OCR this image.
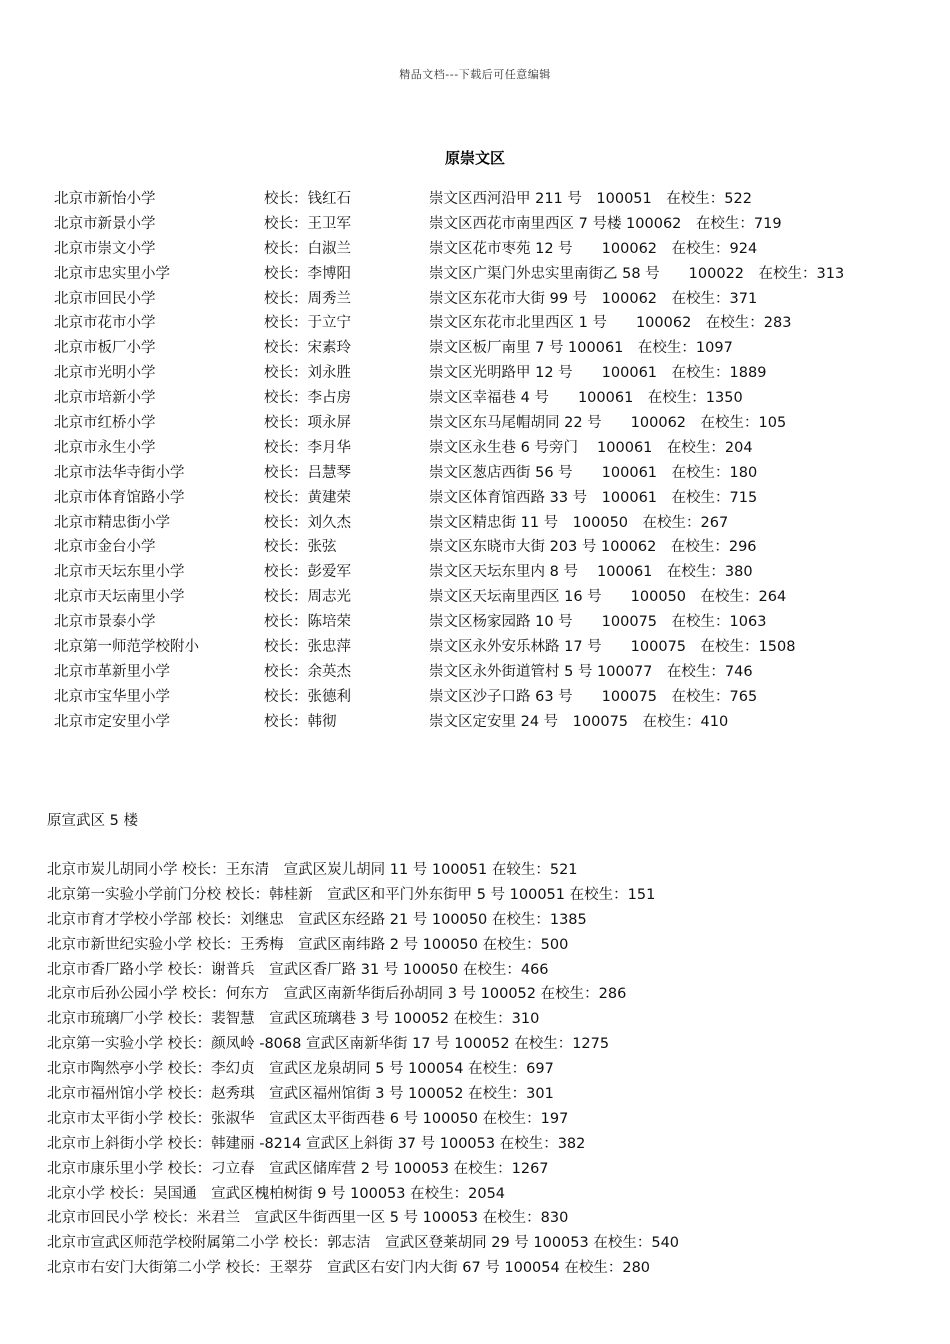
精品文档---下载后可任意编辑
原崇文区
北京市新怡小学	校长：钱红石	崇文区西河沿甲 211 号　100051　在校生：522
北京市新景小学	校长：王卫军	崇文区西花市南里西区 7 号楼 100062　在校生：719
北京市崇文小学	校长：白淑兰	崇文区花市枣苑 12 号　　100062　在校生：924
北京市忠实里小学	校长：李博阳	崇文区广渠门外忠实里南街乙 58 号　　100022　在校生：313
北京市回民小学	校长：周秀兰	崇文区东花市大街 99 号　100062　在校生：371
北京市花市小学	校长：于立宁	崇文区东花市北里西区 1 号　　100062　在校生：283
北京市板厂小学	校长：宋素玲	崇文区板厂南里 7 号 100061　在校生：1097
北京市光明小学	校长：刘永胜	崇文区光明路甲 12 号　　100061　在校生：1889
北京市培新小学	校长：李占房	崇文区幸福巷 4 号　　100061　在校生：1350
北京市红桥小学	校长：项永屏	崇文区东马尾帽胡同 22 号　　100062　在校生：105
北京市永生小学	校长：李月华	崇文区永生巷 6 号旁门　 100061　在校生：204
北京市法华寺街小学	校长：吕慧琴	崇文区葱店西街 56 号　　100061　在校生：180
北京市体育馆路小学	校长：黄建荣	崇文区体育馆西路 33 号　100061　在校生：715
北京市精忠街小学	校长：刘久杰	崇文区精忠街 11 号　100050　在校生：267
北京市金台小学	校长：张弦	崇文区东晓市大街 203 号 100062　在校生：296
北京市天坛东里小学	校长：彭爱军	崇文区天坛东里内 8 号　 100061　在校生：380
北京市天坛南里小学	校长：周志光	崇文区天坛南里西区 16 号　　100050　在校生：264
北京市景泰小学	校长：陈培荣	崇文区杨家园路 10 号　　100075　在校生：1063
北京第一师范学校附小	校长：张忠萍	崇文区永外安乐林路 17 号　　100075　在校生：1508
北京市革新里小学	校长：余英杰	崇文区永外街道管村 5 号 100077　在校生：746
北京市宝华里小学	校长：张德利	崇文区沙子口路 63 号　　100075　在校生：765
北京市定安里小学	校长：韩彻	崇文区定安里 24 号　100075　在校生：410
原宣武区 5 楼
北京市炭儿胡同小学 校长：王东清　宣武区炭儿胡同 11 号 100051 在较生：521
北京第一实验小学前门分校 校长：韩桂新　宣武区和平门外东街甲 5 号 100051 在校生：151
北京市育才学校小学部 校长：刘继忠　宣武区东经路 21 号 100050 在校生：1385
北京市新世纪实验小学 校长：王秀梅　宣武区南纬路 2 号 100050 在校生：500
北京市香厂路小学 校长：谢普兵　宣武区香厂路 31 号 100050 在校生：466
北京市后孙公园小学 校长：何东方　宣武区南新华街后孙胡同 3 号 100052 在校生：286
北京市琉璃厂小学 校长：裴智慧　宣武区琉璃巷 3 号 100052 在校生：310
北京第一实验小学 校长：颜凤岭 -8068 宣武区南新华街 17 号 100052 在校生：1275
北京市陶然亭小学 校长：李幻贞　宣武区龙泉胡同 5 号 100054 在校生：697
北京市福州馆小学 校长：赵秀琪　宣武区福州馆街 3 号 100052 在校生：301
北京市太平街小学 校长：张淑华　宣武区太平街西巷 6 号 100050 在校生：197
北京市上斜街小学 校长：韩建丽 -8214 宣武区上斜街 37 号 100053 在校生：382
北京市康乐里小学 校长：刁立春　宣武区储库营 2 号 100053 在校生：1267
北京小学 校长：吴国通　宣武区槐柏树街 9 号 100053 在校生：2054
北京市回民小学 校长：米君兰　宣武区牛街西里一区 5 号 100053 在校生：830
北京市宣武区师范学校附属第二小学 校长：郭志洁　宣武区登莱胡同 29 号 100053 在校生：540
北京市右安门大街第二小学 校长：王翠芬　宣武区右安门内大街 67 号 100054 在校生：280
